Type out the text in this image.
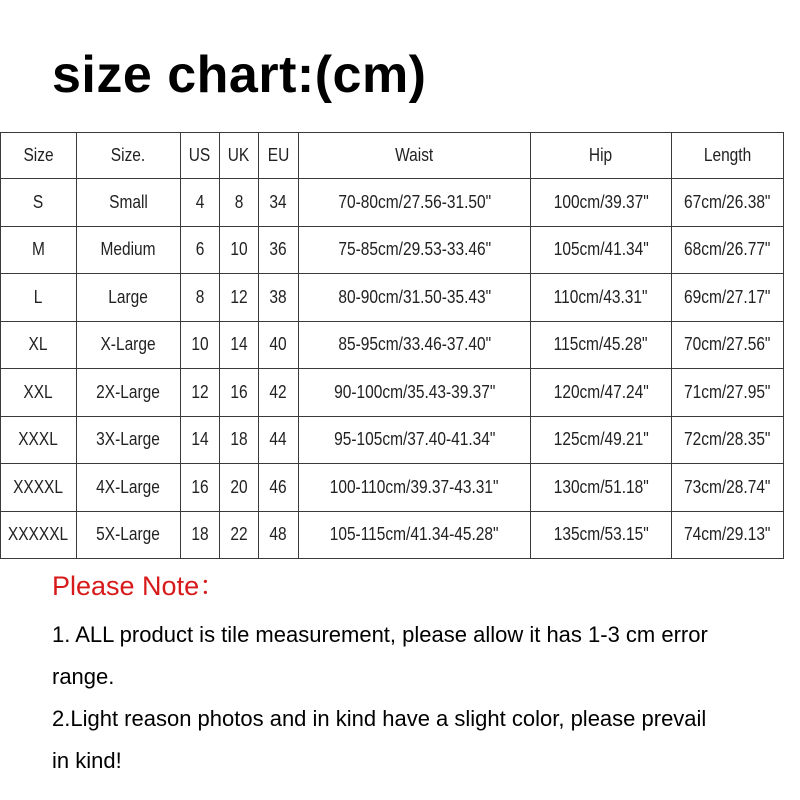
size chart:(cm)
Size	Size.	US	UK	EU	Waist	Hip	Length
S	Small	4	8	34	70-80cm/27.56-31.50"	100cm/39.37"	67cm/26.38"
M	Medium	6	10	36	75-85cm/29.53-33.46"	105cm/41.34"	68cm/26.77"
L	Large	8	12	38	80-90cm/31.50-35.43"	110cm/43.31"	69cm/27.17"
XL	X-Large	10	14	40	85-95cm/33.46-37.40"	115cm/45.28"	70cm/27.56"
XXL	2X-Large	12	16	42	90-100cm/35.43-39.37"	120cm/47.24"	71cm/27.95"
XXXL	3X-Large	14	18	44	95-105cm/37.40-41.34"	125cm/49.21"	72cm/28.35"
XXXXL	4X-Large	16	20	46	100-110cm/39.37-43.31"	130cm/51.18"	73cm/28.74"
XXXXXL	5X-Large	18	22	48	105-115cm/41.34-45.28"	135cm/53.15"	74cm/29.13"

Please Note：

1. ALL product is tile measurement, please allow it has 1-3 cm error

range.

2.Light reason photos and in kind have a slight color, please prevail

in kind!
